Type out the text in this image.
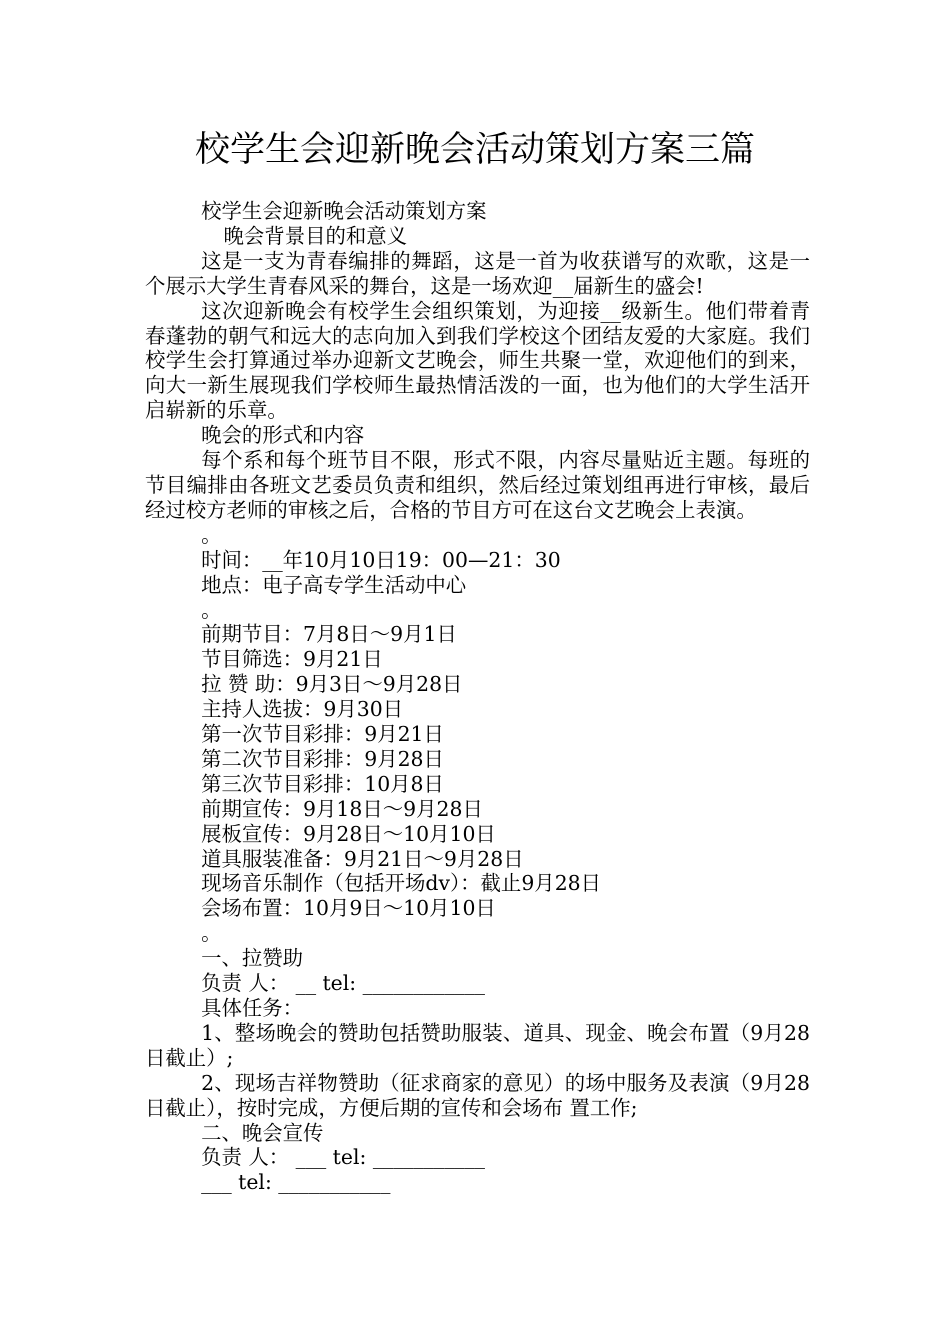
校学生会迎新晚会活动策划方案三篇
校学生会迎新晚会活动策划方案

晚会背景目的和意义

这是一支为青春编排的舞蹈，这是一首为收获谱写的欢歌，这是一个展示大学生青春风采的舞台，这是一场欢迎__届新生的盛会!

这次迎新晚会有校学生会组织策划，为迎接__级新生。他们带着青春蓬勃的朝气和远大的志向加入到我们学校这个团结友爱的大家庭。我们校学生会打算通过举办迎新文艺晚会，师生共聚一堂，欢迎他们的到来，向大一新生展现我们学校师生最热情活泼的一面，也为他们的大学生活开启崭新的乐章。

晚会的形式和内容

每个系和每个班节目不限，形式不限，内容尽量贴近主题。每班的节目编排由各班文艺委员负责和组织，然后经过策划组再进行审核，最后经过校方老师的审核之后，合格的节目方可在这台文艺晚会上表演。

。
时间：__年10月10日19：00—21：30
地点：电子高专学生活动中心
。
前期节目：7月8日～9月1日
节目筛选：9月21日
拉 赞 助：9月3日～9月28日
主持人选拔：9月30日
第一次节目彩排：9月21日
第二次节目彩排：9月28日
第三次节目彩排：10月8日
前期宣传：9月18日～9月28日
展板宣传：9月28日～10月10日
道具服装准备：9月21日～9月28日
现场音乐制作（包括开场dv）：截止9月28日
会场布置：10月9日～10月10日
。
一、拉赞助
负责 人： __ tel: ____________
具体任务：

1、整场晚会的赞助包括赞助服装、道具、现金、晚会布置（9月28日截止）;

2、现场吉祥物赞助（征求商家的意见）的场中服务及表演（9月28日截止），按时完成，方便后期的宣传和会场布 置工作;

二、晚会宣传
负责 人： ___ tel: ___________
___ tel: ___________
